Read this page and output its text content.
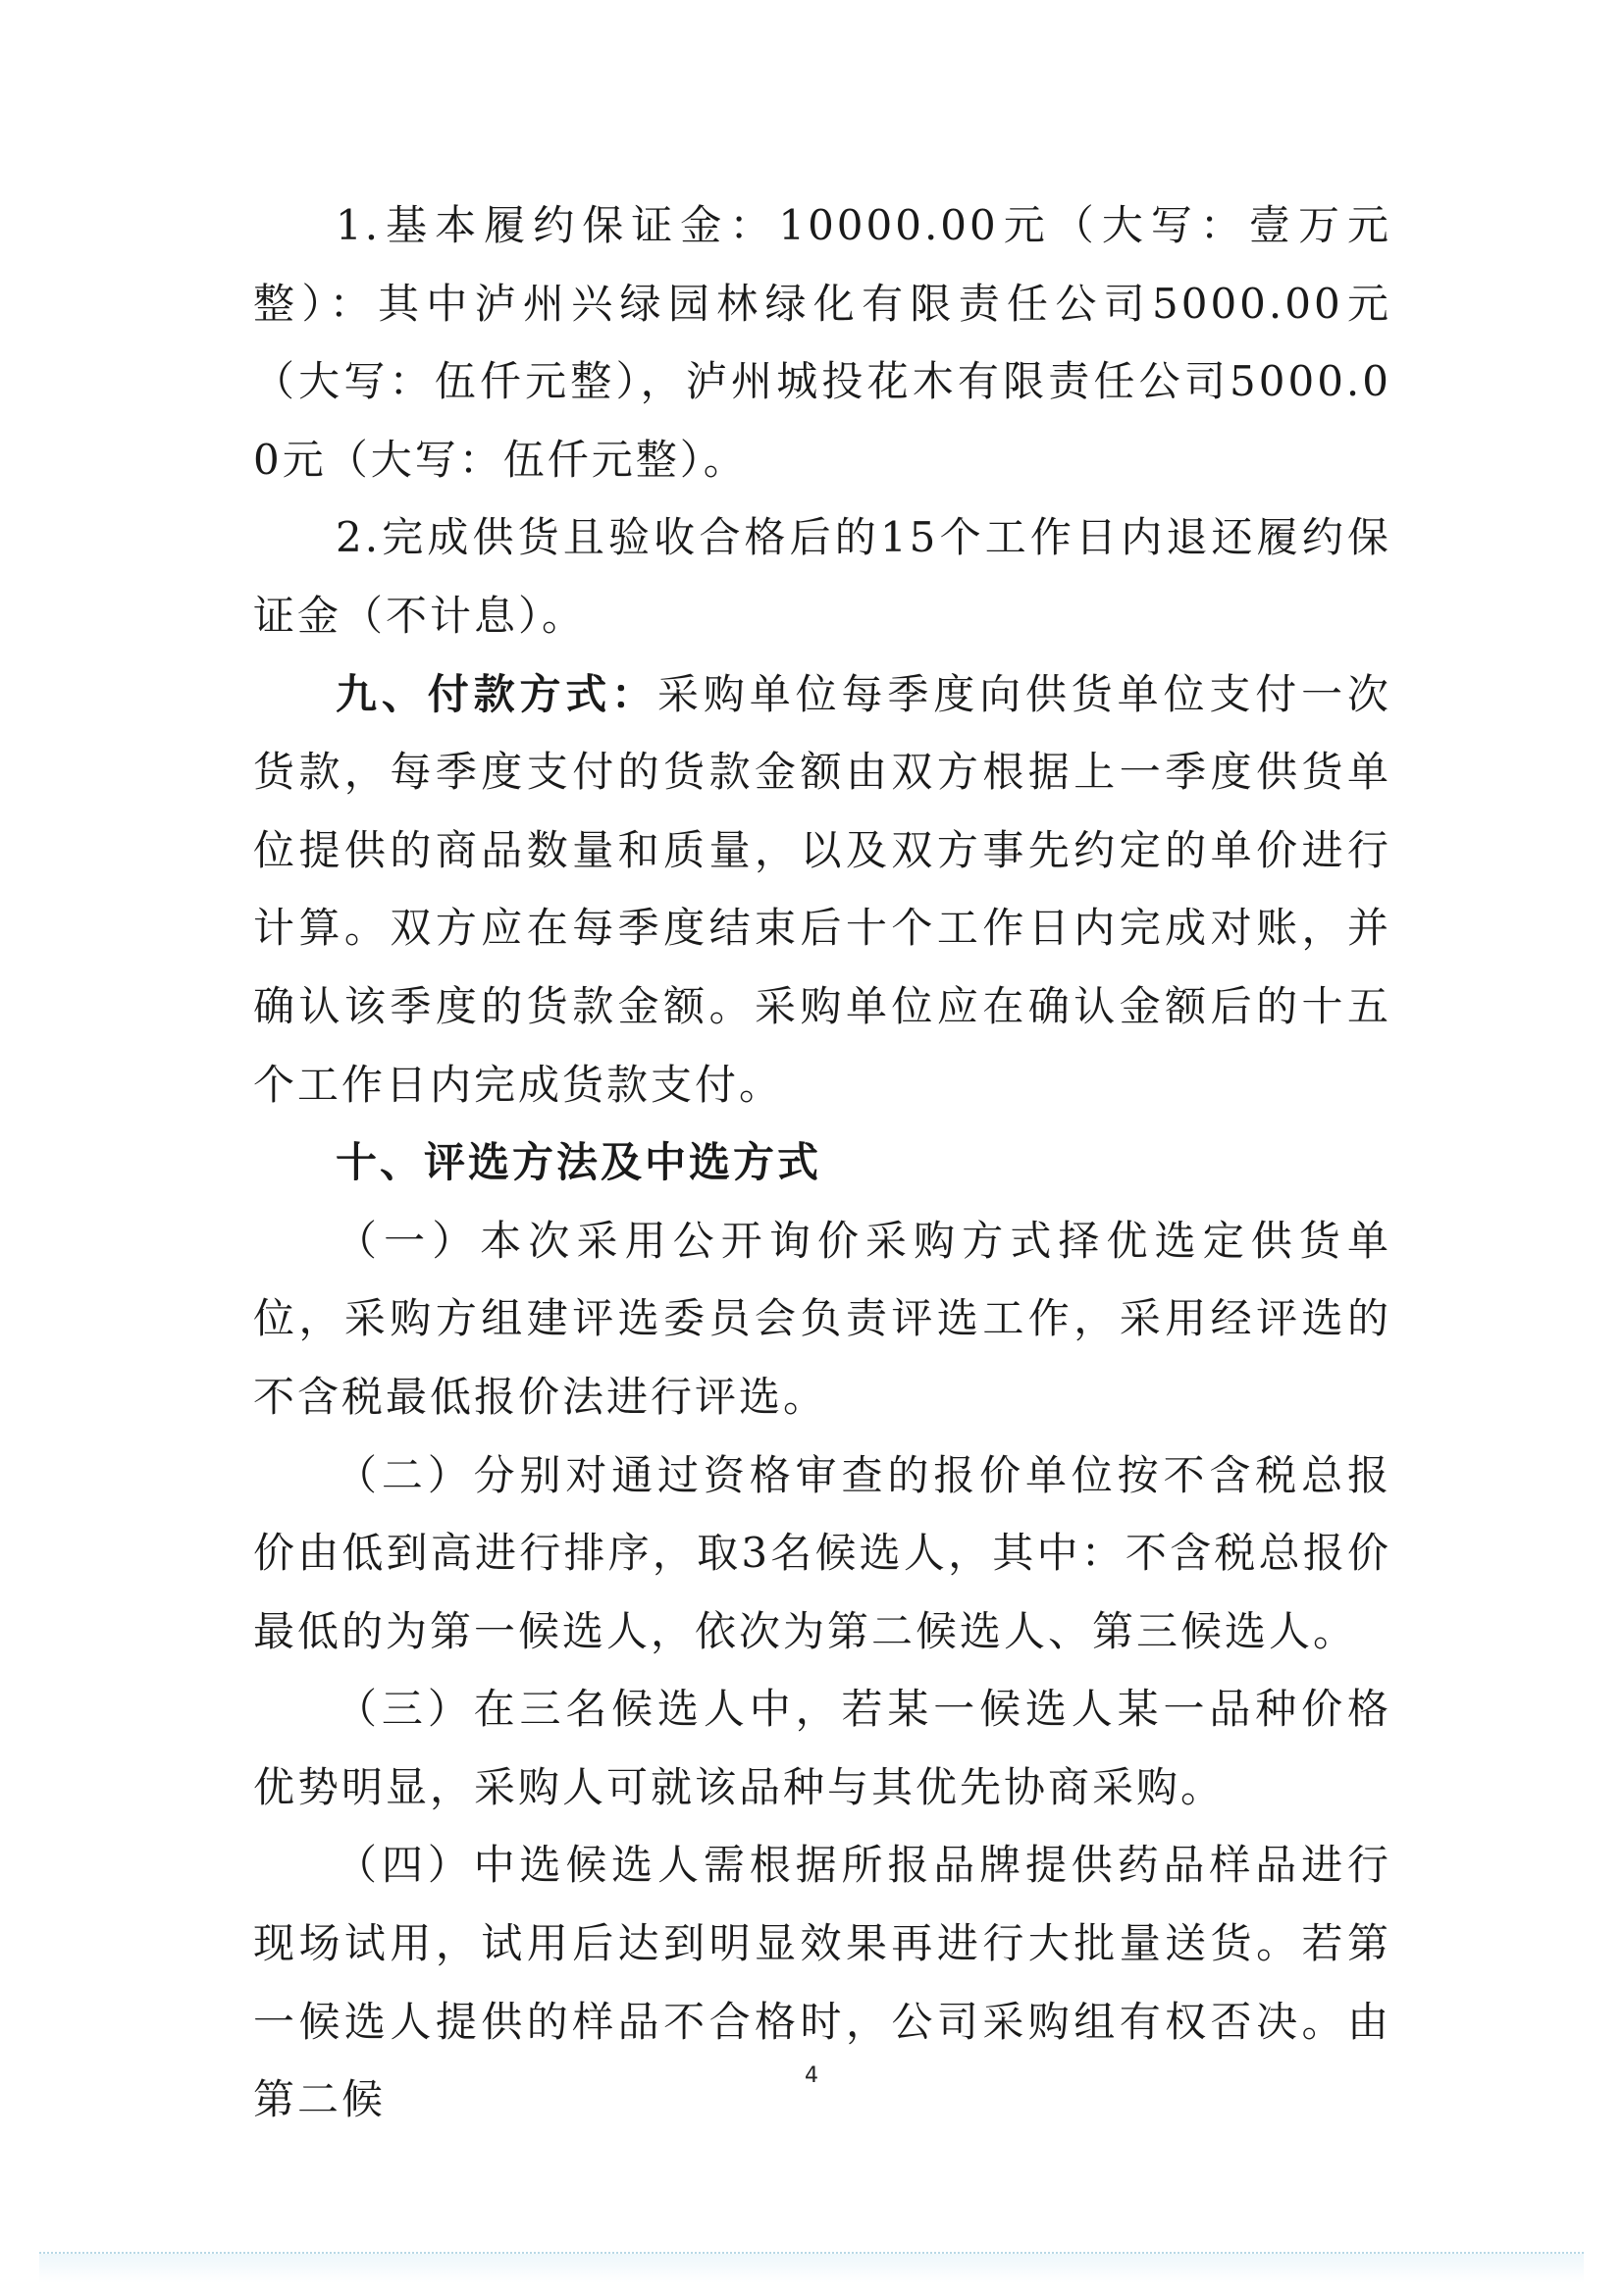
1.基本履约保证金：10000.00元（大写：壹万元整）：其中泸州兴绿园林绿化有限责任公司5000.00元（大写：伍仟元整），泸州城投花木有限责任公司5000.00元（大写：伍仟元整）。

2.完成供货且验收合格后的15个工作日内退还履约保证金（不计息）。

九、付款方式：采购单位每季度向供货单位支付一次货款，每季度支付的货款金额由双方根据上一季度供货单位提供的商品数量和质量，以及双方事先约定的单价进行计算。双方应在每季度结束后十个工作日内完成对账，并确认该季度的货款金额。采购单位应在确认金额后的十五个工作日内完成货款支付。

十、评选方法及中选方式

（一）本次采用公开询价采购方式择优选定供货单位，采购方组建评选委员会负责评选工作，采用经评选的不含税最低报价法进行评选。

（二）分别对通过资格审查的报价单位按不含税总报价由低到高进行排序，取3名候选人，其中：不含税总报价最低的为第一候选人，依次为第二候选人、第三候选人。

（三）在三名候选人中，若某一候选人某一品种价格优势明显，采购人可就该品种与其优先协商采购。

（四）中选候选人需根据所报品牌提供药品样品进行现场试用，试用后达到明显效果再进行大批量送货。若第一候选人提供的样品不合格时，公司采购组有权否决。由第二候	4
